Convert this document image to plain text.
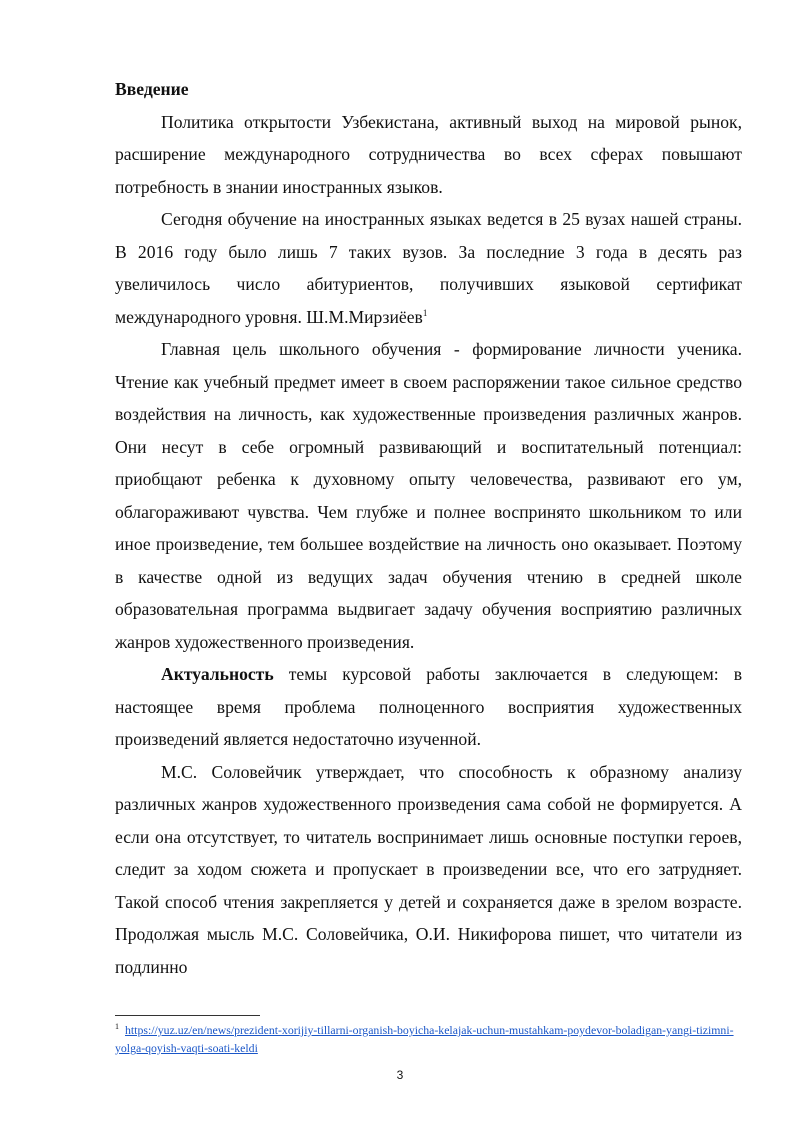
Введение

Политика открытости Узбекистана, активный выход на мировой рынок, расширение международного сотрудничества во всех сферах повышают потребность в знании иностранных языков.

Сегодня обучение на иностранных языках ведется в 25 вузах нашей страны. В 2016 году было лишь 7 таких вузов. За последние 3 года в десять раз увеличилось число абитуриентов, получивших языковой сертификат международного уровня. Ш.М.Мирзиёев$^1$

Главная цель школьного обучения - формирование личности ученика. Чтение как учебный предмет имеет в своем распоряжении такое сильное средство воздействия на личность, как художественные произведения различных жанров. Они несут в себе огромный развивающий и воспитательный потенциал: приобщают ребенка к духовному опыту человечества, развивают его ум, облагораживают чувства. Чем глубже и полнее воспринято школьником то или иное произведение, тем большее воздействие на личность оно оказывает. Поэтому в качестве одной из ведущих задач обучения чтению в средней школе образовательная программа выдвигает задачу обучения восприятию различных жанров художественного произведения.

Актуальность темы курсовой работы заключается в следующем: в настоящее время проблема полноценного восприятия художественных произведений является недостаточно изученной.

М.С. Соловейчик утверждает, что способность к образному анализу различных жанров художественного произведения сама собой не формируется. А если она отсутствует, то читатель воспринимает лишь основные поступки героев, следит за ходом сюжета и пропускает в произведении все, что его затрудняет. Такой способ чтения закрепляется у детей и сохраняется даже в зрелом возрасте. Продолжая мысль М.С. Соловейчика, О.И. Никифорова пишет, что читатели из подлинно

$^1$ https://yuz.uz/en/news/prezident-xorijiy-tillarni-organish-boyicha-kelajak-uchun-mustahkam-poydevor-boladigan-yangi-tizimni-yolga-qoyish-vaqti-soati-keldi
3
